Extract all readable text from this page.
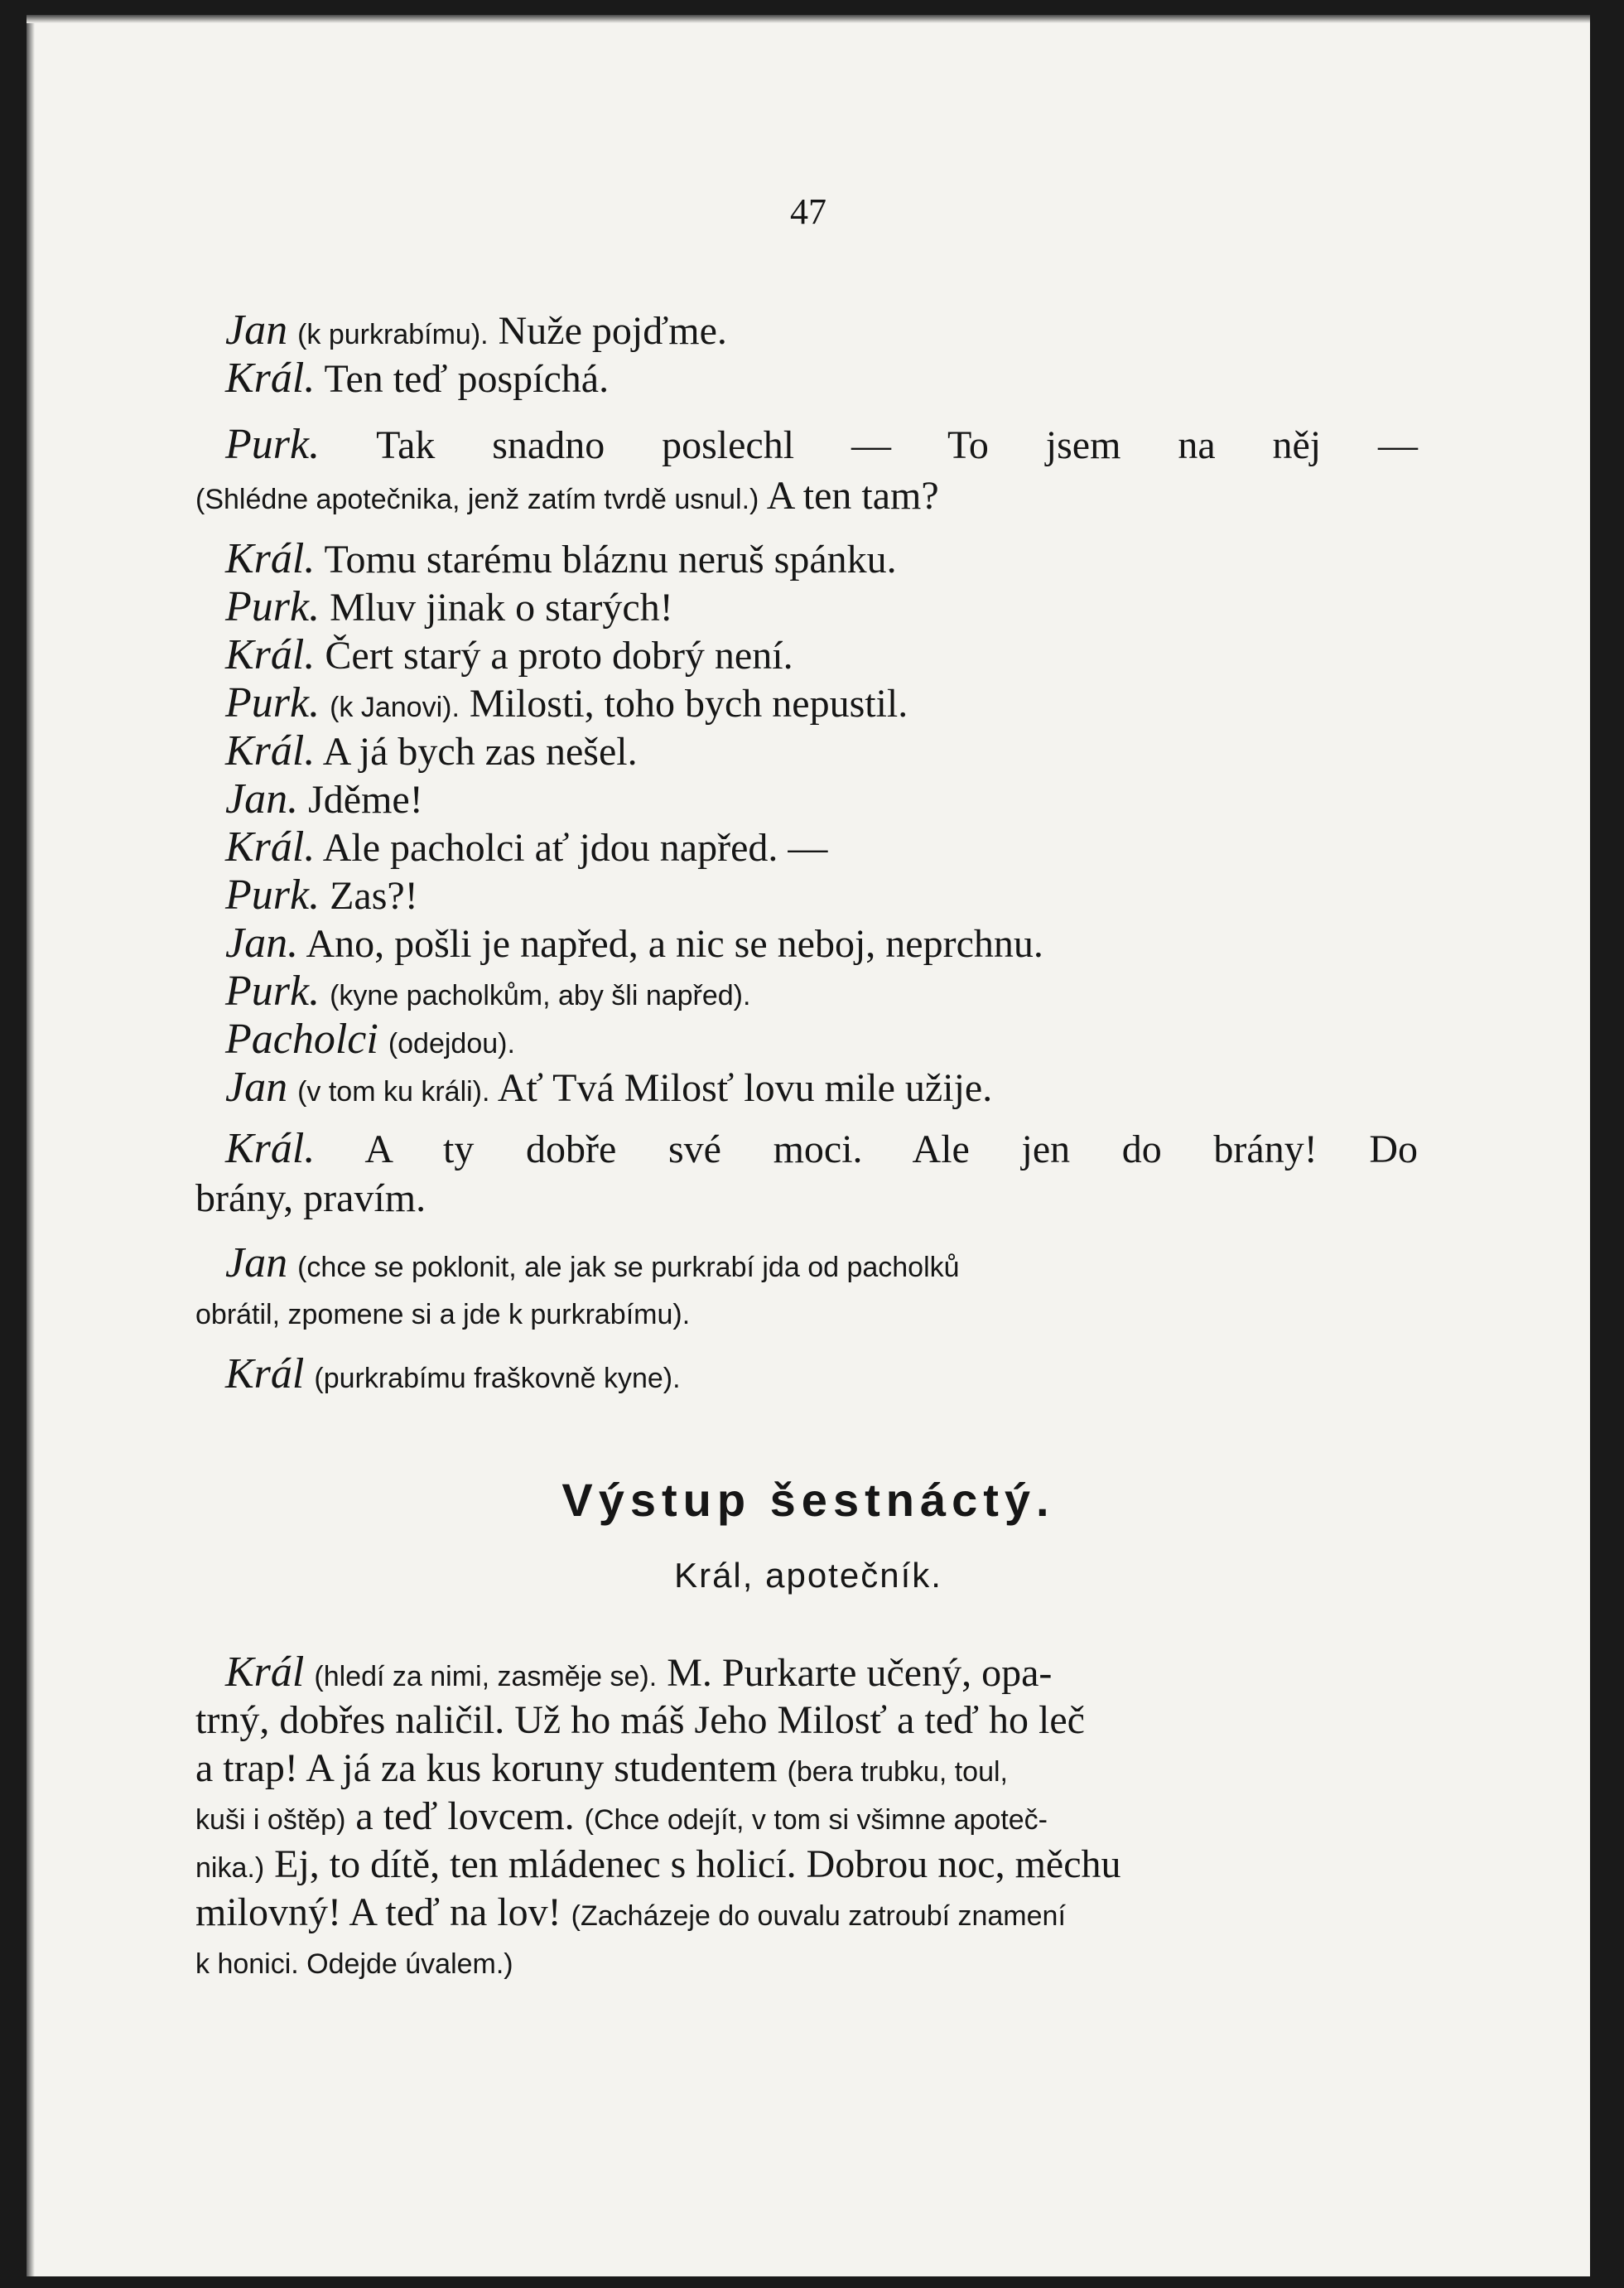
47
Jan (k purkrabímu). Nuže pojďme.
Král. Ten teď pospíchá.
Purk. Tak snadno poslechl — To jsem na něj —
(Shlédne apotečnika, jenž zatím tvrdě usnul.) A ten tam?
Král. Tomu starému bláznu neruš spánku.
Purk. Mluv jinak o starých!
Král. Čert starý a proto dobrý není.
Purk. (k Janovi). Milosti, toho bych nepustil.
Král. A já bych zas nešel.
Jan. Jděme!
Král. Ale pacholci ať jdou napřed. —
Purk. Zas?!
Jan. Ano, pošli je napřed, a nic se neboj, neprchnu.
Purk. (kyne pacholkům, aby šli napřed).
Pacholci (odejdou).
Jan (v tom ku králi). Ať Tvá Milosť lovu mile užije.
Král. A ty dobře své moci. Ale jen do brány! Do
brány, pravím.
Jan (chce se poklonit, ale jak se purkrabí jda od pacholků
obrátil, zpomene si a jde k purkrabímu).
Král (purkrabímu fraškovně kyne).
Výstup šestnáctý.
Král, apotečník.
Král (hledí za nimi, zasměje se). M. Purkarte učený, opa-
trný, dobřes naličil. Už ho máš Jeho Milosť a teď ho leč
a trap! A já za kus koruny studentem (bera trubku, toul,
kuši i oštěp) a teď lovcem. (Chce odejít, v tom si všimne apotеč-
nika.) Ej, to dítě, ten mládenec s holicí. Dobrou noc, měchu
milovný! A teď na lov! (Zacházeje do ouvalu zatroubí znamení
k honici. Odejde úvalem.)
